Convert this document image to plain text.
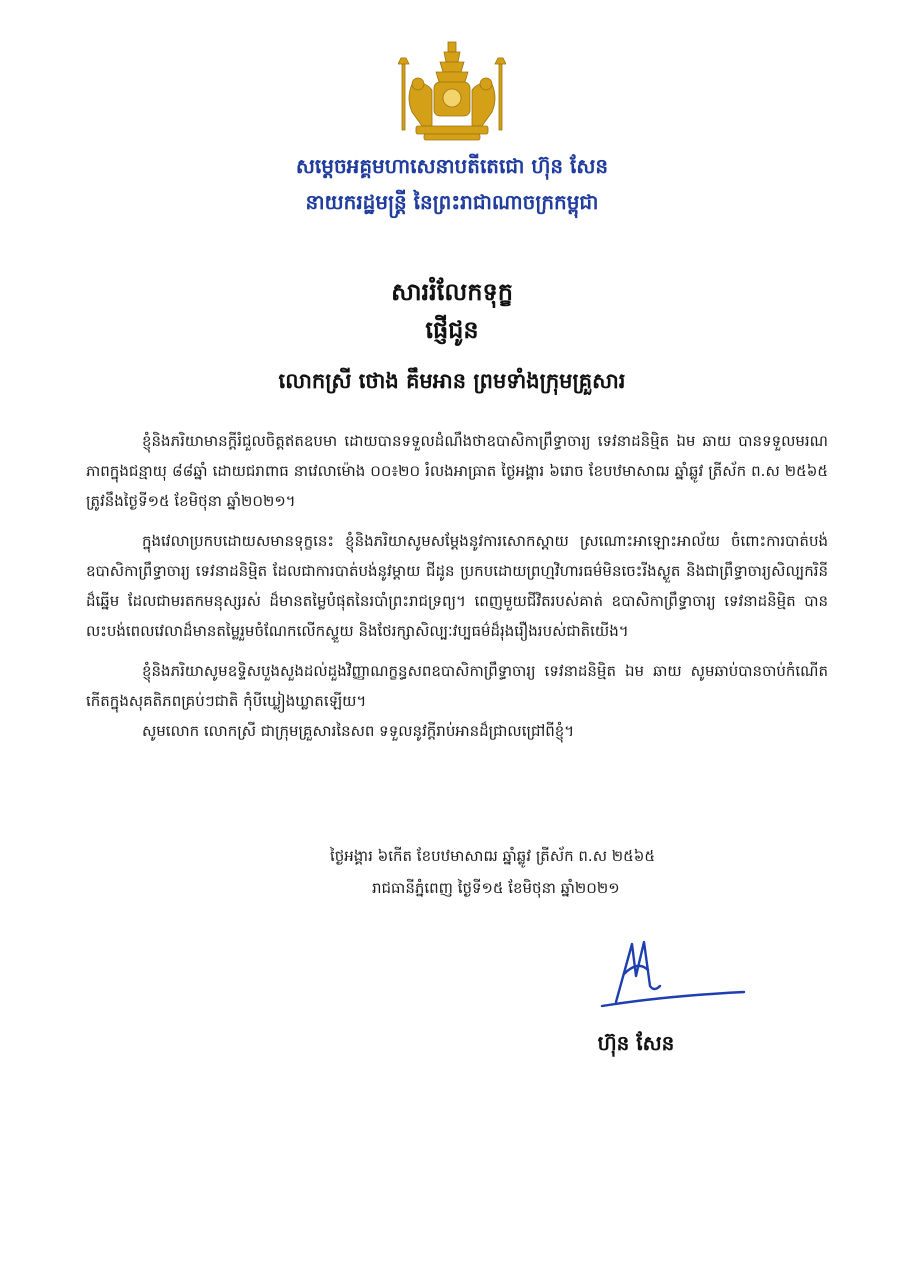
សម្តេចអគ្គមហាសេនាបតីតេជោ ហ៊ុន សែន
នាយករដ្ឋមន្ត្រី នៃព្រះរាជាណាចក្រកម្ពុជា
សាររំលែកទុក្ខ
ផ្ញើជូន
លោកស្រី ថោង គឹមអាន ព្រមទាំងក្រុមគ្រួសារ

ខ្ញុំនិងភរិយាមានក្តីរំជួលចិត្តឥតឧបមា ដោយបានទទួលដំណឹងថាឧបាសិកាព្រឹទ្ធាចារ្យ ទេវនាដនិម្មិត ឯម ឆាយ បានទទួលមរណភាពក្នុងជន្មាយុ ៨៨ឆ្នាំ ដោយជរាពាធ នាវេលាម៉ោង ០០៖២០ រំលងអាធ្រាត ថ្ងៃអង្គារ ៦រោច ខែបឋមាសាឍ ឆ្នាំឆ្លូវ ត្រីស័ក ព.ស ២៥៦៥ ត្រូវនឹងថ្ងៃទី១៥ ខែមិថុនា ឆ្នាំ២០២១។

ក្នុងវេលាប្រកបដោយសមានទុក្ខនេះ ខ្ញុំនិងភរិយាសូមសម្តែងនូវការសោកស្តាយ ស្រណោះអាឡោះអាល័យ ចំពោះការបាត់បង់ឧបាសិកាព្រឹទ្ធាចារ្យ ទេវនាដនិម្មិត ដែលជាការបាត់បង់នូវម្តាយ ជីដូន ប្រកបដោយព្រហ្មវិហារធម៌មិនចេះរីងស្ងួត និងជាព្រឹទ្ធាចារ្យសិល្បករិនីដ៏ឆ្នើម ដែលជាមរតកមនុស្សរស់ ដ៏មានតម្លៃបំផុតនៃរបាំព្រះរាជទ្រព្យ។ ពេញមួយជីវិតរបស់គាត់ ឧបាសិកាព្រឹទ្ធាចារ្យ ទេវនាដនិម្មិត បាន លះបង់ពេលវេលាដ៏មានតម្លៃរួមចំណែកលើកស្ទួយ និងថែរក្សាសិល្បៈវប្បធម៌ដ៏រុងរឿងរបស់ជាតិយើង។

ខ្ញុំនិងភរិយាសូមឧទ្ទិសបួងសួងដល់ដួងវិញ្ញាណក្ខន្ធសពឧបាសិកាព្រឹទ្ធាចារ្យ ទេវនាដនិម្មិត ឯម ឆាយ សូមឆាប់បានចាប់កំណើតកើតក្នុងសុគតិភពគ្រប់ៗជាតិ កុំបីឃ្លៀងឃ្លាតឡើយ។

សូមលោក លោកស្រី ជាក្រុមគ្រួសារនៃសព ទទួលនូវក្តីរាប់អានដ៏ជ្រាលជ្រៅពីខ្ញុំ។

ថ្ងៃអង្គារ ៦កើត ខែបឋមាសាឍ ឆ្នាំឆ្លូវ ត្រីស័ក ព.ស ២៥៦៥
រាជធានីភ្នំពេញ ថ្ងៃទី១៥ ខែមិថុនា ឆ្នាំ២០២១
ហ៊ុន សែន
